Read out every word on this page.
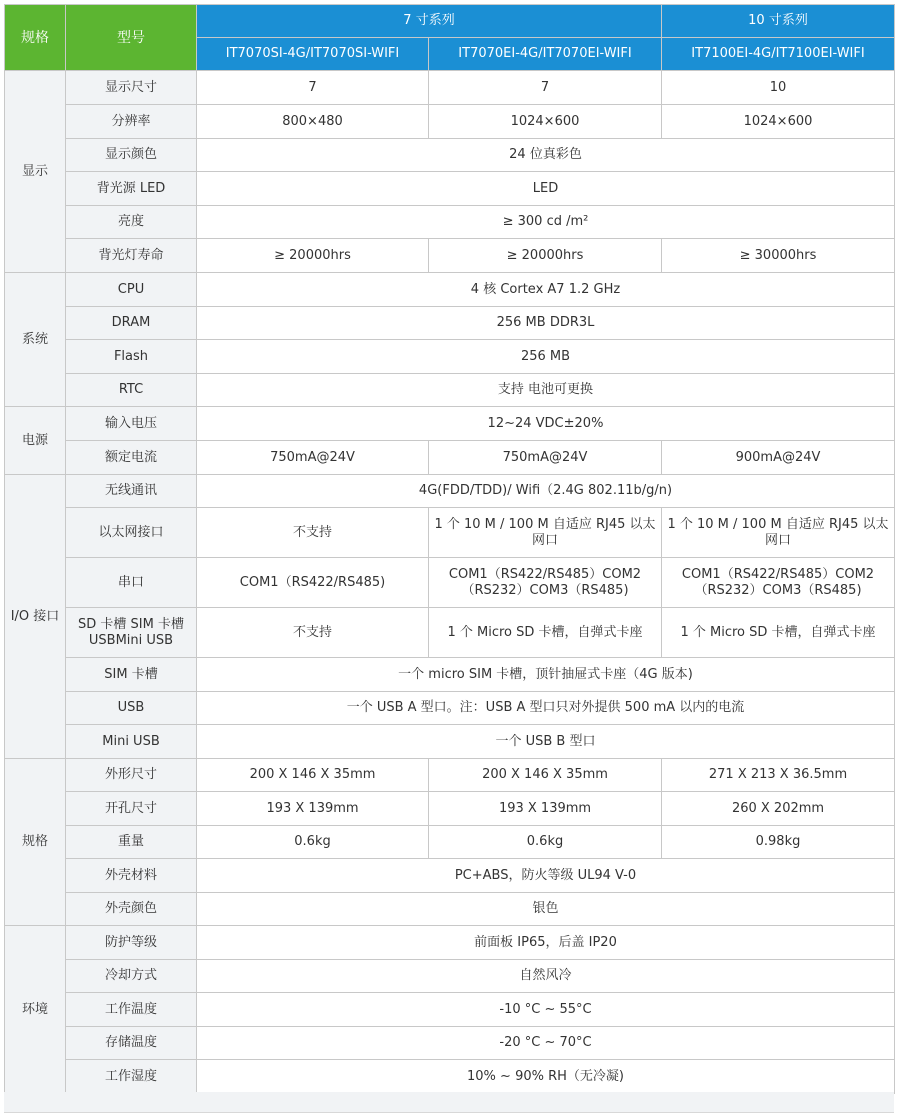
规格	型号	7 寸系列		10 寸系列
		IT7070SI-4G/IT7070SI-WIFI	IT7070EI-4G/IT7070EI-WIFI	IT7100EI-4G/IT7100EI-WIFI
显示	显示尺寸	7	7	10
	分辨率	800×480	1024×600	1024×600
	显示颜色	24 位真彩色		
	背光源 LED	LED		
	亮度	≥ 300 cd /m²		
	背光灯寿命	≥ 20000hrs	≥ 20000hrs	≥ 30000hrs
系统	CPU	4 核 Cortex A7 1.2 GHz		
	DRAM	256 MB DDR3L		
	Flash	256 MB		
	RTC	支持 电池可更换		
电源	输入电压	12~24 VDC±20%		
	额定电流	750mA@24V	750mA@24V	900mA@24V
I/O 接口	无线通讯	4G(FDD/TDD)/ Wifi（2.4G 802.11b/g/n)		
	以太网接口	不支持	1 个 10 M / 100 M 自适应 RJ45 以太网口	1 个 10 M / 100 M 自适应 RJ45 以太网口
	串口	COM1（RS422/RS485)	COM1（RS422/RS485）COM2（RS232）COM3（RS485)	COM1（RS422/RS485）COM2（RS232）COM3（RS485)
	SD 卡槽 SIM 卡槽 USBMini USB	不支持	1 个 Micro SD 卡槽，自弹式卡座	1 个 Micro SD 卡槽，自弹式卡座
	SIM 卡槽	一个 micro SIM 卡槽，顶针抽屉式卡座（4G 版本)		
	USB	一个 USB A 型口。注：USB A 型口只对外提供 500 mA 以内的电流		
	Mini USB	一个 USB B 型口		
规格	外形尺寸	200 X 146 X 35mm	200 X 146 X 35mm	271 X 213 X 36.5mm
	开孔尺寸	193 X 139mm	193 X 139mm	260 X 202mm
	重量	0.6kg	0.6kg	0.98kg
	外壳材料	PC+ABS，防火等级 UL94 V-0		
	外壳颜色	银色		
环境	防护等级	前面板 IP65，后盖 IP20		
	冷却方式	自然风冷		
	工作温度	-10 °C ~ 55°C		
	存储温度	-20 °C ~ 70°C		
	工作湿度	10% ~ 90% RH（无冷凝)		
